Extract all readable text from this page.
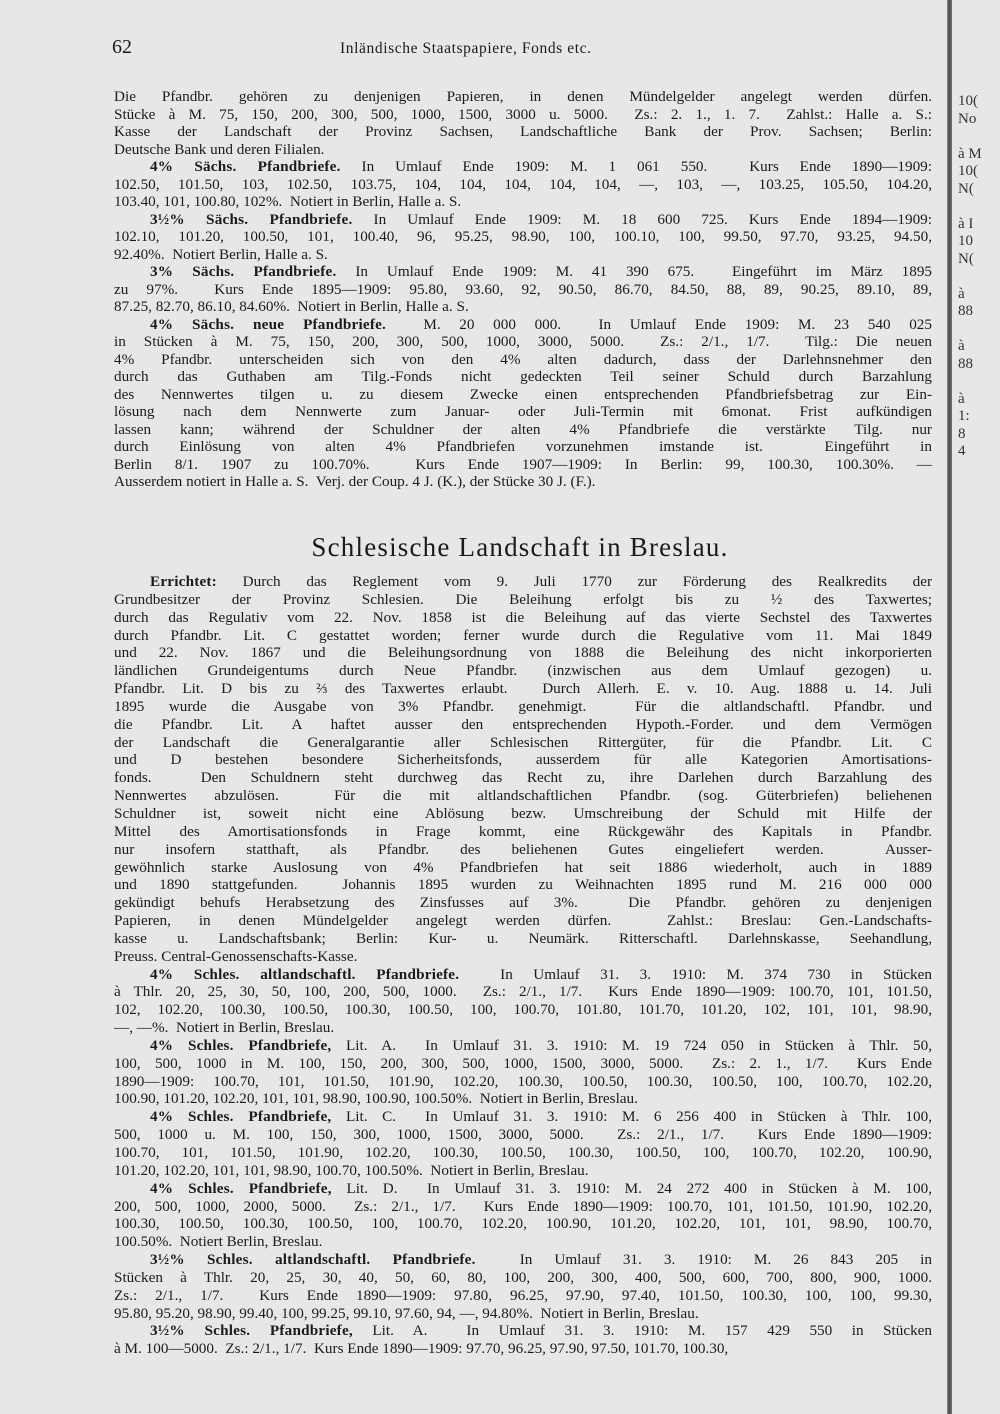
62	Inländische Staatspapiere, Fonds etc.
Die Pfandbr. gehören zu denjenigen Papieren, in denen Mündelgelder angelegt werden dürfen.
Stücke à M. 75, 150, 200, 300, 500, 1000, 1500, 3000 u. 5000.  Zs.: 2. 1., 1. 7.  Zahlst.: Halle a. S.:
Kasse der Landschaft der Provinz Sachsen, Landschaftliche Bank der Prov. Sachsen; Berlin:
Deutsche Bank und deren Filialen.
4% Sächs. Pfandbriefe. In Umlauf Ende 1909: M. 1 061 550.  Kurs Ende 1890—1909:
102.50, 101.50, 103, 102.50, 103.75, 104, 104, 104, 104, 104, —, 103, —, 103.25, 105.50, 104.20,
103.40, 101, 100.80, 102%.  Notiert in Berlin, Halle a. S.
3½% Sächs. Pfandbriefe. In Umlauf Ende 1909: M. 18 600 725. Kurs Ende 1894—1909:
102.10, 101.20, 100.50, 101, 100.40, 96, 95.25, 98.90, 100, 100.10, 100, 99.50, 97.70, 93.25, 94.50,
92.40%.  Notiert Berlin, Halle a. S.
3% Sächs. Pfandbriefe. In Umlauf Ende 1909: M. 41 390 675.  Eingeführt im März 1895
zu 97%.  Kurs Ende 1895—1909: 95.80, 93.60, 92, 90.50, 86.70, 84.50, 88, 89, 90.25, 89.10, 89,
87.25, 82.70, 86.10, 84.60%.  Notiert in Berlin, Halle a. S.
4% Sächs. neue Pfandbriefe.  M. 20 000 000.  In Umlauf Ende 1909: M. 23 540 025
in Stücken à M. 75, 150, 200, 300, 500, 1000, 3000, 5000.  Zs.: 2/1., 1/7.  Tilg.: Die neuen
4% Pfandbr. unterscheiden sich von den 4% alten dadurch, dass der Darlehnsnehmer den
durch das Guthaben am Tilg.-Fonds nicht gedeckten Teil seiner Schuld durch Barzahlung
des Nennwertes tilgen u. zu diesem Zwecke einen entsprechenden Pfandbriefsbetrag zur Ein-
lösung nach dem Nennwerte zum Januar- oder Juli-Termin mit 6monat. Frist aufkündigen
lassen kann; während der Schuldner der alten 4% Pfandbriefe die verstärkte Tilg. nur
durch Einlösung von alten 4% Pfandbriefen vorzunehmen imstande ist.  Eingeführt in
Berlin 8/1. 1907 zu 100.70%.  Kurs Ende 1907—1909: In Berlin: 99, 100.30, 100.30%. —
Ausserdem notiert in Halle a. S.  Verj. der Coup. 4 J. (K.), der Stücke 30 J. (F.).
Schlesische Landschaft in Breslau.
Errichtet: Durch das Reglement vom 9. Juli 1770 zur Förderung des Realkredits der
Grundbesitzer der Provinz Schlesien. Die Beleihung erfolgt bis zu ½ des Taxwertes;
durch das Regulativ vom 22. Nov. 1858 ist die Beleihung auf das vierte Sechstel des Taxwertes
durch Pfandbr. Lit. C gestattet worden; ferner wurde durch die Regulative vom 11. Mai 1849
und 22. Nov. 1867 und die Beleihungsordnung von 1888 die Beleihung des nicht inkorporierten
ländlichen Grundeigentums durch Neue Pfandbr. (inzwischen aus dem Umlauf gezogen) u.
Pfandbr. Lit. D bis zu ⅔ des Taxwertes erlaubt.  Durch Allerh. E. v. 10. Aug. 1888 u. 14. Juli
1895 wurde die Ausgabe von 3% Pfandbr. genehmigt.  Für die altlandschaftl. Pfandbr. und
die Pfandbr. Lit. A haftet ausser den entsprechenden Hypoth.-Forder. und dem Vermögen
der Landschaft die Generalgarantie aller Schlesischen Rittergüter, für die Pfandbr. Lit. C
und D bestehen besondere Sicherheitsfonds, ausserdem für alle Kategorien Amortisations-
fonds.  Den Schuldnern steht durchweg das Recht zu, ihre Darlehen durch Barzahlung des
Nennwertes abzulösen.  Für die mit altlandschaftlichen Pfandbr. (sog. Güterbriefen) beliehenen
Schuldner ist, soweit nicht eine Ablösung bezw. Umschreibung der Schuld mit Hilfe der
Mittel des Amortisationsfonds in Frage kommt, eine Rückgewähr des Kapitals in Pfandbr.
nur insofern statthaft, als Pfandbr. des beliehenen Gutes eingeliefert werden.  Ausser-
gewöhnlich starke Auslosung von 4% Pfandbriefen hat seit 1886 wiederholt, auch in 1889
und 1890 stattgefunden.  Johannis 1895 wurden zu Weihnachten 1895 rund M. 216 000 000
gekündigt behufs Herabsetzung des Zinsfusses auf 3%.  Die Pfandbr. gehören zu denjenigen
Papieren, in denen Mündelgelder angelegt werden dürfen.  Zahlst.: Breslau: Gen.-Landschafts-
kasse u. Landschaftsbank; Berlin: Kur- u. Neumärk. Ritterschaftl. Darlehnskasse, Seehandlung,
Preuss. Central-Genossenschafts-Kasse.
4% Schles. altlandschaftl. Pfandbriefe.  In Umlauf 31. 3. 1910: M. 374 730 in Stücken
à Thlr. 20, 25, 30, 50, 100, 200, 500, 1000.  Zs.: 2/1., 1/7.  Kurs Ende 1890—1909: 100.70, 101, 101.50,
102, 102.20, 100.30, 100.50, 100.30, 100.50, 100, 100.70, 101.80, 101.70, 101.20, 102, 101, 101, 98.90,
—, —%.  Notiert in Berlin, Breslau.
4% Schles. Pfandbriefe, Lit. A.  In Umlauf 31. 3. 1910: M. 19 724 050 in Stücken à Thlr. 50,
100, 500, 1000 in M. 100, 150, 200, 300, 500, 1000, 1500, 3000, 5000.  Zs.: 2. 1., 1/7.  Kurs Ende
1890—1909: 100.70, 101, 101.50, 101.90, 102.20, 100.30, 100.50, 100.30, 100.50, 100, 100.70, 102.20,
100.90, 101.20, 102.20, 101, 101, 98.90, 100.90, 100.50%.  Notiert in Berlin, Breslau.
4% Schles. Pfandbriefe, Lit. C.  In Umlauf 31. 3. 1910: M. 6 256 400 in Stücken à Thlr. 100,
500, 1000 u. M. 100, 150, 300, 1000, 1500, 3000, 5000.  Zs.: 2/1., 1/7.  Kurs Ende 1890—1909:
100.70, 101, 101.50, 101.90, 102.20, 100.30, 100.50, 100.30, 100.50, 100, 100.70, 102.20, 100.90,
101.20, 102.20, 101, 101, 98.90, 100.70, 100.50%.  Notiert in Berlin, Breslau.
4% Schles. Pfandbriefe, Lit. D.  In Umlauf 31. 3. 1910: M. 24 272 400 in Stücken à M. 100,
200, 500, 1000, 2000, 5000.  Zs.: 2/1., 1/7.  Kurs Ende 1890—1909: 100.70, 101, 101.50, 101.90, 102.20,
100.30, 100.50, 100.30, 100.50, 100, 100.70, 102.20, 100.90, 101.20, 102.20, 101, 101, 98.90, 100.70,
100.50%.  Notiert Berlin, Breslau.
3½% Schles. altlandschaftl. Pfandbriefe.  In Umlauf 31. 3. 1910: M. 26 843 205 in
Stücken à Thlr. 20, 25, 30, 40, 50, 60, 80, 100, 200, 300, 400, 500, 600, 700, 800, 900, 1000.
Zs.: 2/1., 1/7.  Kurs Ende 1890—1909: 97.80, 96.25, 97.90, 97.40, 101.50, 100.30, 100, 100, 99.30,
95.80, 95.20, 98.90, 99.40, 100, 99.25, 99.10, 97.60, 94, —, 94.80%.  Notiert in Berlin, Breslau.
3½% Schles. Pfandbriefe, Lit. A.  In Umlauf 31. 3. 1910: M. 157 429 550 in Stücken
à M. 100—5000.  Zs.: 2/1., 1/7.  Kurs Ende 1890—1909: 97.70, 96.25, 97.90, 97.50, 101.70, 100.30,
10(
No

à M
10(
N(

à I
10
N(

à
88

à
88

à
1:
8
4
